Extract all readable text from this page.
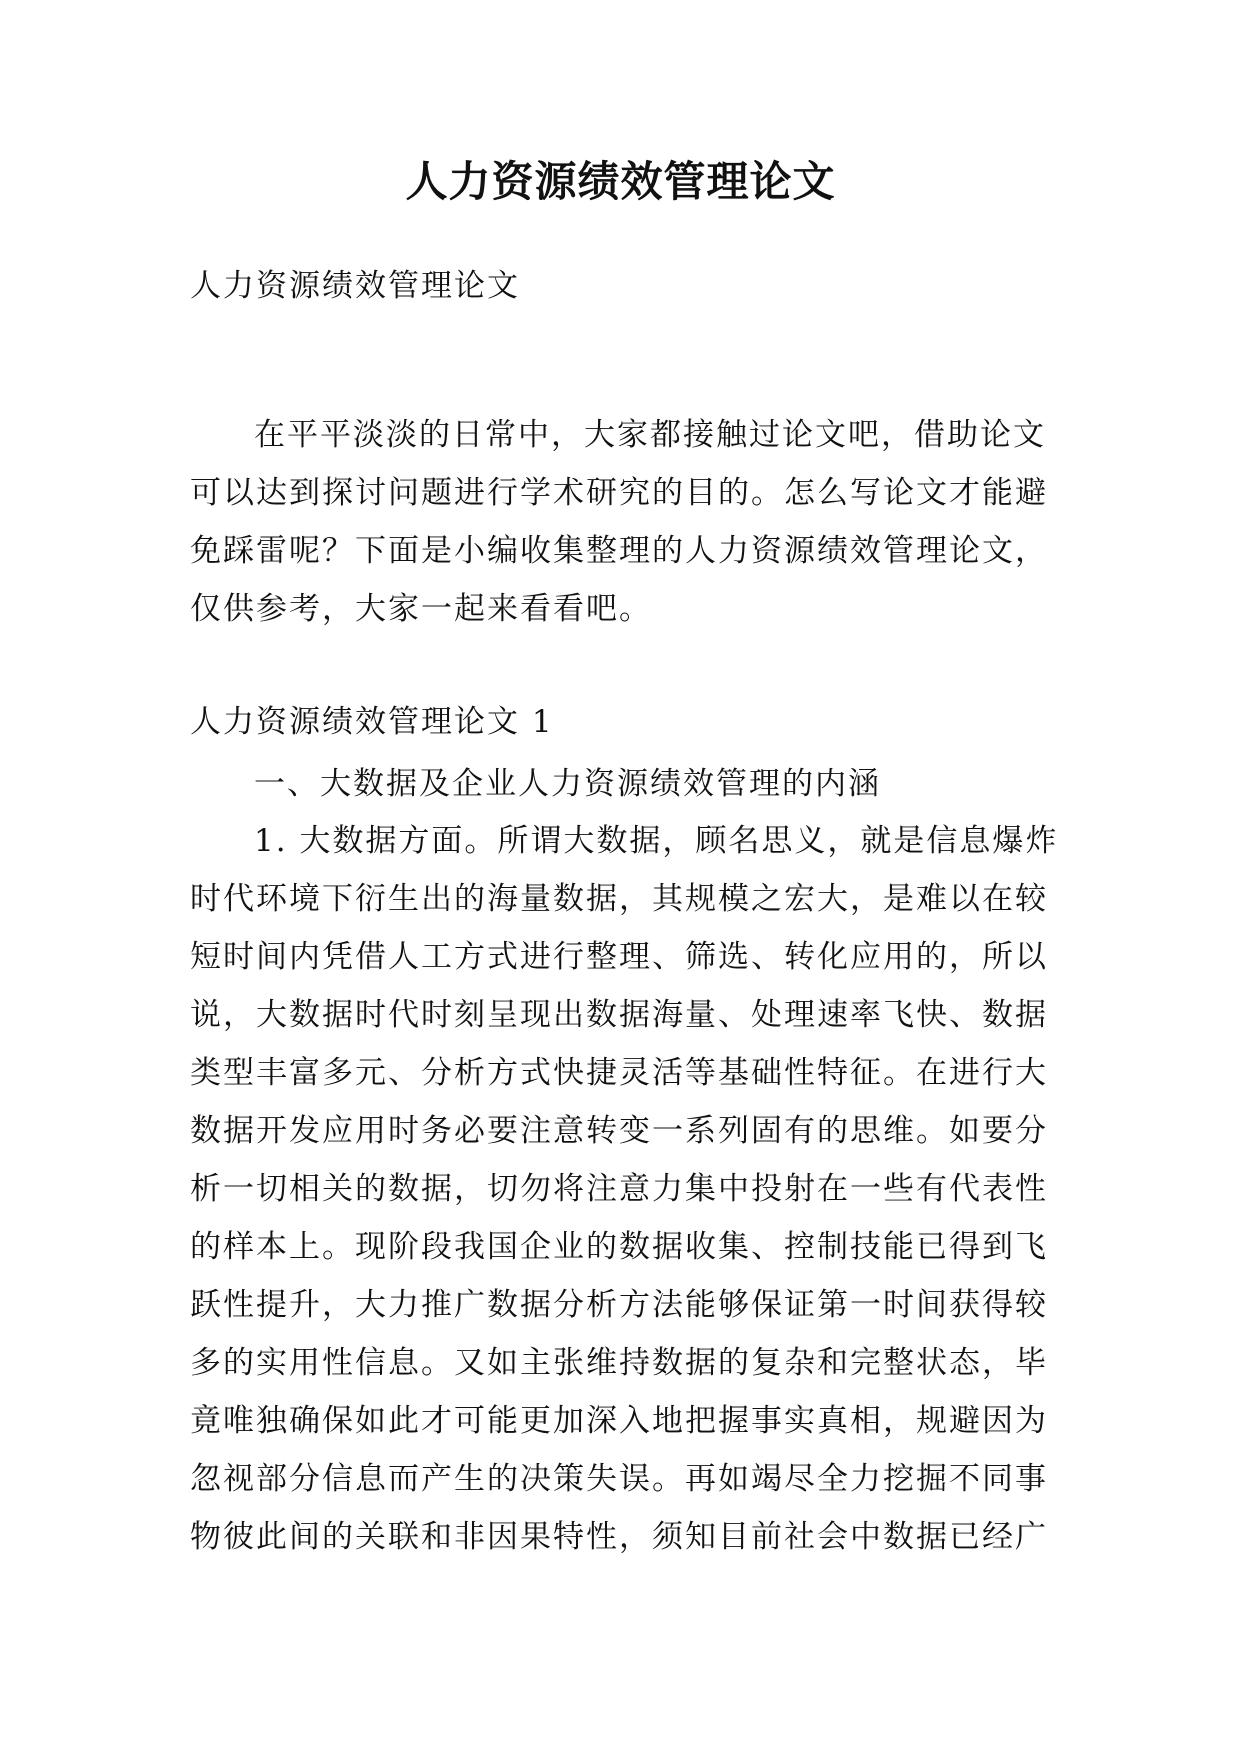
人力资源绩效管理论文
人力资源绩效管理论文

在平平淡淡的日常中，大家都接触过论文吧，借助论文可以达到探讨问题进行学术研究的目的。怎么写论文才能避免踩雷呢？下面是小编收集整理的人力资源绩效管理论文，仅供参考，大家一起来看看吧。

人力资源绩效管理论文 1
一、大数据及企业人力资源绩效管理的内涵

1. 大数据方面。所谓大数据，顾名思义，就是信息爆炸时代环境下衍生出的海量数据，其规模之宏大，是难以在较短时间内凭借人工方式进行整理、筛选、转化应用的，所以说，大数据时代时刻呈现出数据海量、处理速率飞快、数据类型丰富多元、分析方式快捷灵活等基础性特征。在进行大数据开发应用时务必要注意转变一系列固有的思维。如要分析一切相关的数据，切勿将注意力集中投射在一些有代表性的样本上。现阶段我国企业的数据收集、控制技能已得到飞跃性提升，大力推广数据分析方法能够保证第一时间获得较多的实用性信息。又如主张维持数据的复杂和完整状态，毕竟唯独确保如此才可能更加深入地把握事实真相，规避因为忽视部分信息而产生的决策失误。再如竭尽全力挖掘不同事物彼此间的关联和非因果特性，须知目前社会中数据已经广
